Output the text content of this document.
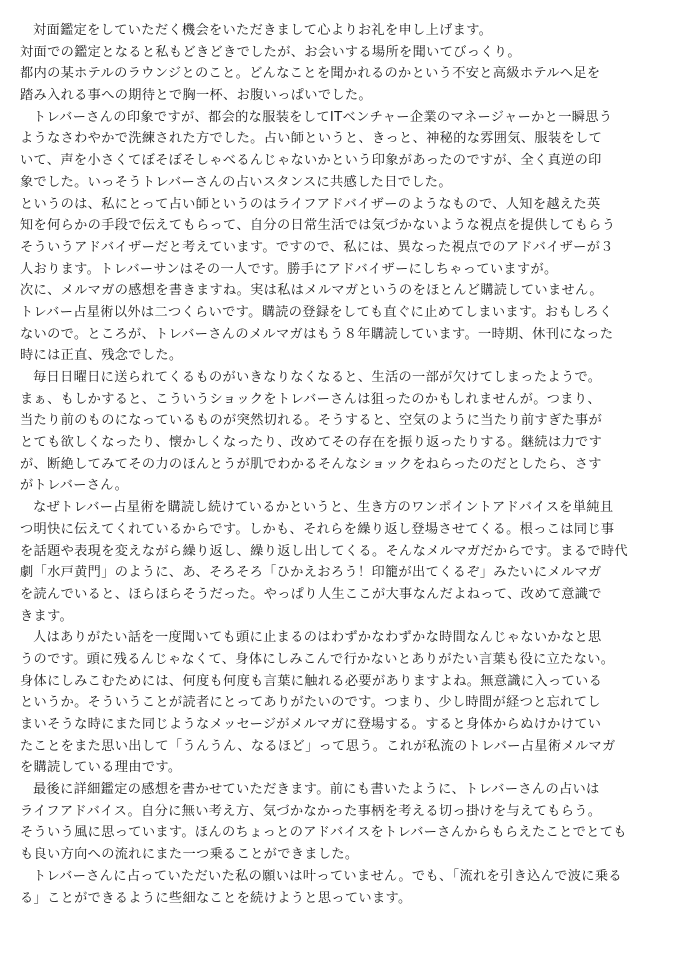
対面鑑定をしていただく機会をいただきまして心よりお礼を申し上げます。
対面での鑑定となると私もどきどきでしたが、お会いする場所を聞いてびっくり。
都内の某ホテルのラウンジとのこと。どんなことを聞かれるのかという不安と高級ホテルへ足を
踏み入れる事への期待とで胸一杯、お腹いっぱいでした。
トレバーさんの印象ですが、都会的な服装をしてITベンチャー企業のマネージャーかと一瞬思う
ようなさわやかで洗練された方でした。占い師というと、きっと、神秘的な雰囲気、服装をして
いて、声を小さくてぼそぼそしゃべるんじゃないかという印象があったのですが、全く真逆の印
象でした。いっそうトレバーさんの占いスタンスに共感した日でした。
というのは、私にとって占い師というのはライフアドバイザーのようなもので、人知を越えた英
知を何らかの手段で伝えてもらって、自分の日常生活では気づかないような視点を提供してもらう
そういうアドバイザーだと考えています。ですので、私には、異なった視点でのアドバイザーが３
人おります。トレバーサンはその一人です。勝手にアドバイザーにしちゃっていますが。
次に、メルマガの感想を書きますね。実は私はメルマガというのをほとんど購読していません。
トレバー占星術以外は二つくらいです。購読の登録をしても直ぐに止めてしまいます。おもしろく
ないので。ところが、トレバーさんのメルマガはもう８年購読しています。一時期、休刊になった
時には正直、残念でした。
毎日日曜日に送られてくるものがいきなりなくなると、生活の一部が欠けてしまったようで。
まぁ、もしかすると、こういうショックをトレバーさんは狙ったのかもしれませんが。つまり、
当たり前のものになっているものが突然切れる。そうすると、空気のように当たり前すぎた事が
とても欲しくなったり、懐かしくなったり、改めてその存在を振り返ったりする。継続は力です
が、断絶してみてその力のほんとうが肌でわかるそんなショックをねらったのだとしたら、さす
がトレバーさん。
なぜトレバー占星術を購読し続けているかというと、生き方のワンポイントアドバイスを単純且
つ明快に伝えてくれているからです。しかも、それらを繰り返し登場させてくる。根っこは同じ事
を話題や表現を変えながら繰り返し、繰り返し出してくる。そんなメルマガだからです。まるで時代
劇「水戸黄門」のように、あ、そろそろ「ひかえおろう！印籠が出てくるぞ」みたいにメルマガ
を読んでいると、ほらほらそうだった。やっぱり人生ここが大事なんだよねって、改めて意識で
きます。
人はありがたい話を一度聞いても頭に止まるのはわずかなわずかな時間なんじゃないかなと思
うのです。頭に残るんじゃなくて、身体にしみこんで行かないとありがたい言葉も役に立たない。
身体にしみこむためには、何度も何度も言葉に触れる必要がありますよね。無意識に入っている
というか。そういうことが読者にとってありがたいのです。つまり、少し時間が経つと忘れてし
まいそうな時にまた同じようなメッセージがメルマガに登場する。すると身体からぬけかけてい
たことをまた思い出して「うんうん、なるほど」って思う。これが私流のトレバー占星術メルマガ
を購読している理由です。
最後に詳細鑑定の感想を書かせていただきます。前にも書いたように、トレバーさんの占いは
ライフアドバイス。自分に無い考え方、気づかなかった事柄を考える切っ掛けを与えてもらう。
そういう風に思っています。ほんのちょっとのアドバイスをトレバーさんからもらえたことでとても
も良い方向への流れにまた一つ乗ることができました。
トレバーさんに占っていただいた私の願いは叶っていません。でも、「流れを引き込んで波に乗る
る」ことができるように些細なことを続けようと思っています。
